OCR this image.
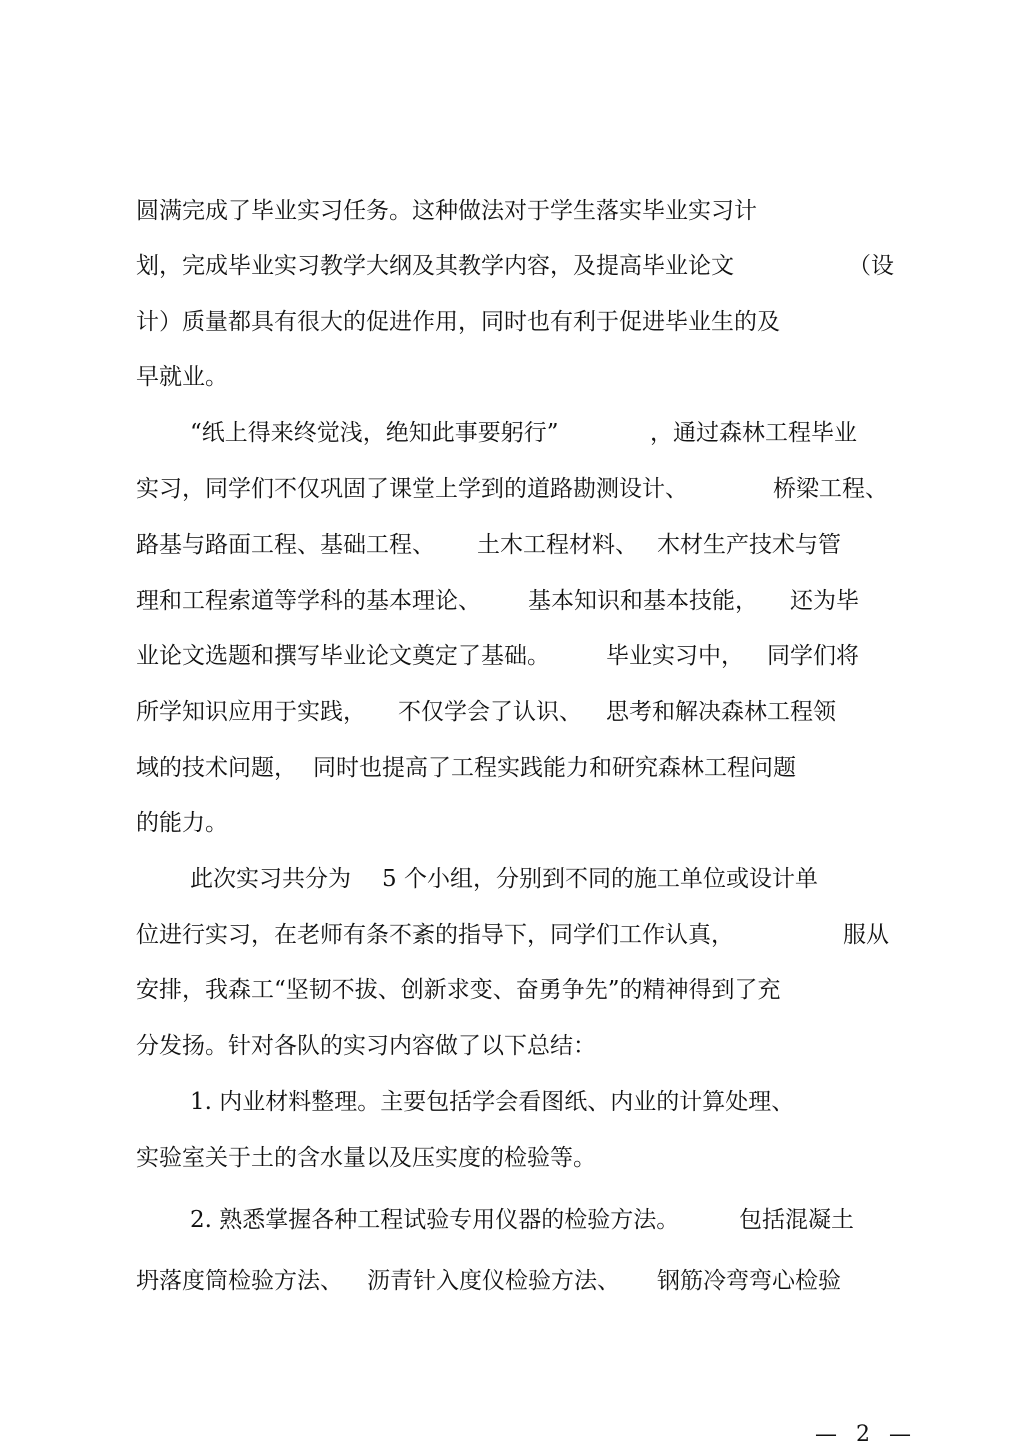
圆满完成了毕业实习任务。这种做法对于学生落实毕业实习计
划，完成毕业实习教学大纲及其教学内容，及提高毕业论文	（设
计）质量都具有很大的促进作用，同时也有利于促进毕业生的及
早就业。
“纸上得来终觉浅，绝知此事要躬行”	，通过森林工程毕业
实习，同学们不仅巩固了课堂上学到的道路勘测设计、	桥梁工程、
路基与路面工程、基础工程、 土木工程材料、 木材生产技术与管
理和工程索道等学科的基本理论、 基本知识和基本技能， 还为毕
业论文选题和撰写毕业论文奠定了基础。 毕业实习中， 同学们将
所学知识应用于实践， 不仅学会了认识、 思考和解决森林工程领
域的技术问题， 同时也提高了工程实践能力和研究森林工程问题
的能力。
此次实习共分为 5 个小组，分别到不同的施工单位或设计单
位进行实习，在老师有条不紊的指导下，同学们工作认真，	服从
安排，我森工“坚韧不拔、创新求变、奋勇争先”的精神得到了充
分发扬。针对各队的实习内容做了以下总结：
1. 内业材料整理。主要包括学会看图纸、内业的计算处理、
实验室关于土的含水量以及压实度的检验等。
2. 熟悉掌握各种工程试验专用仪器的检验方法。	包括混凝土
坍落度筒检验方法、 沥青针入度仪检验方法、 钢筋冷弯弯心检验
— 2 —
